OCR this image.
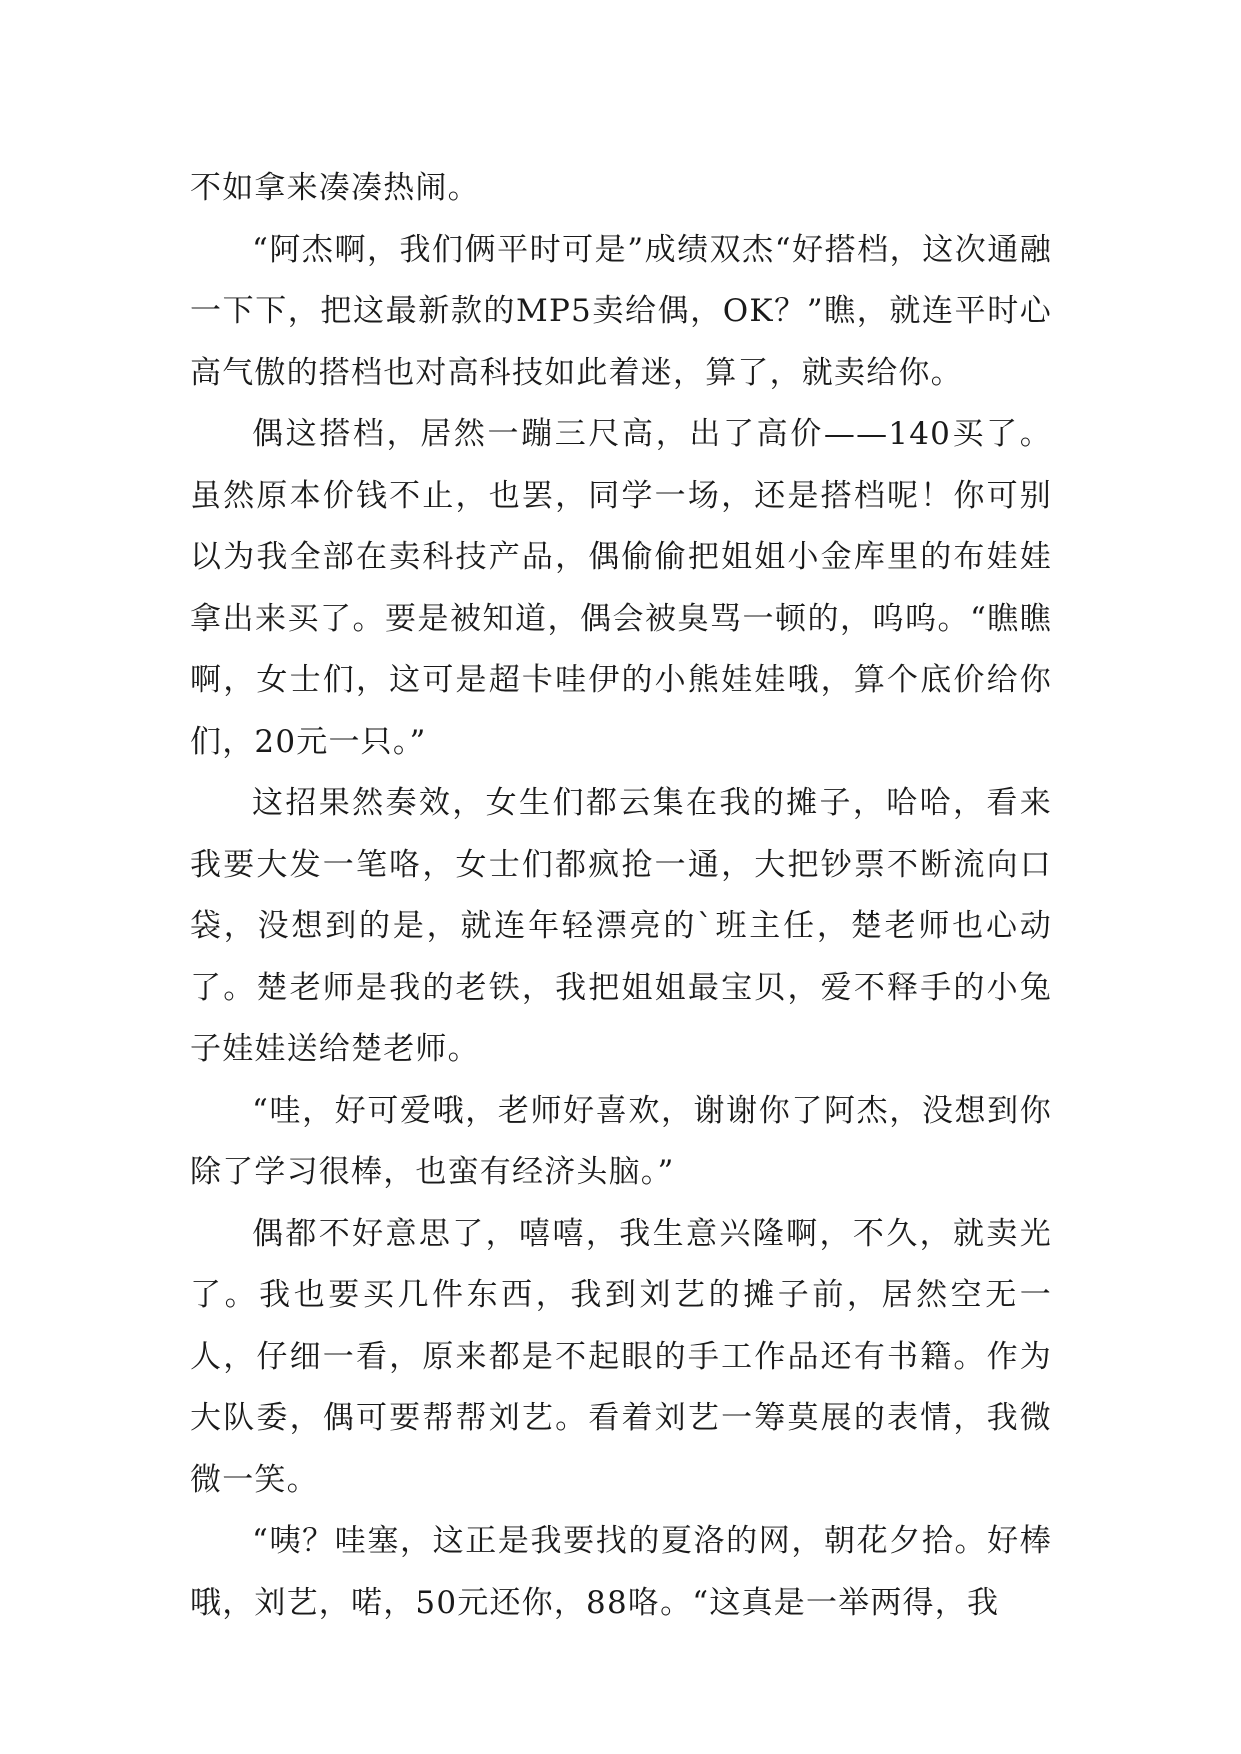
不如拿来凑凑热闹。

“阿杰啊，我们俩平时可是”成绩双杰“好搭档，这次通融一下下，把这最新款的MP5卖给偶，OK？”瞧，就连平时心高气傲的搭档也对高科技如此着迷，算了，就卖给你。

偶这搭档，居然一蹦三尺高，出了高价——140买了。虽然原本价钱不止，也罢，同学一场，还是搭档呢！你可别以为我全部在卖科技产品，偶偷偷把姐姐小金库里的布娃娃拿出来买了。要是被知道，偶会被臭骂一顿的，呜呜。“瞧瞧啊，女士们，这可是超卡哇伊的小熊娃娃哦，算个底价给你们，20元一只。”

这招果然奏效，女生们都云集在我的摊子，哈哈，看来我要大发一笔咯，女士们都疯抢一通，大把钞票不断流向口袋，没想到的是，就连年轻漂亮的`班主任，楚老师也心动了。楚老师是我的老铁，我把姐姐最宝贝，爱不释手的小兔子娃娃送给楚老师。

“哇，好可爱哦，老师好喜欢，谢谢你了阿杰，没想到你除了学习很棒，也蛮有经济头脑。”

偶都不好意思了，嘻嘻，我生意兴隆啊，不久，就卖光了。我也要买几件东西，我到刘艺的摊子前，居然空无一人，仔细一看，原来都是不起眼的手工作品还有书籍。作为大队委，偶可要帮帮刘艺。看着刘艺一筹莫展的表情，我微微一笑。

“咦？哇塞，这正是我要找的夏洛的网，朝花夕拾。好棒哦，刘艺，喏，50元还你，88咯。“这真是一举两得，我
